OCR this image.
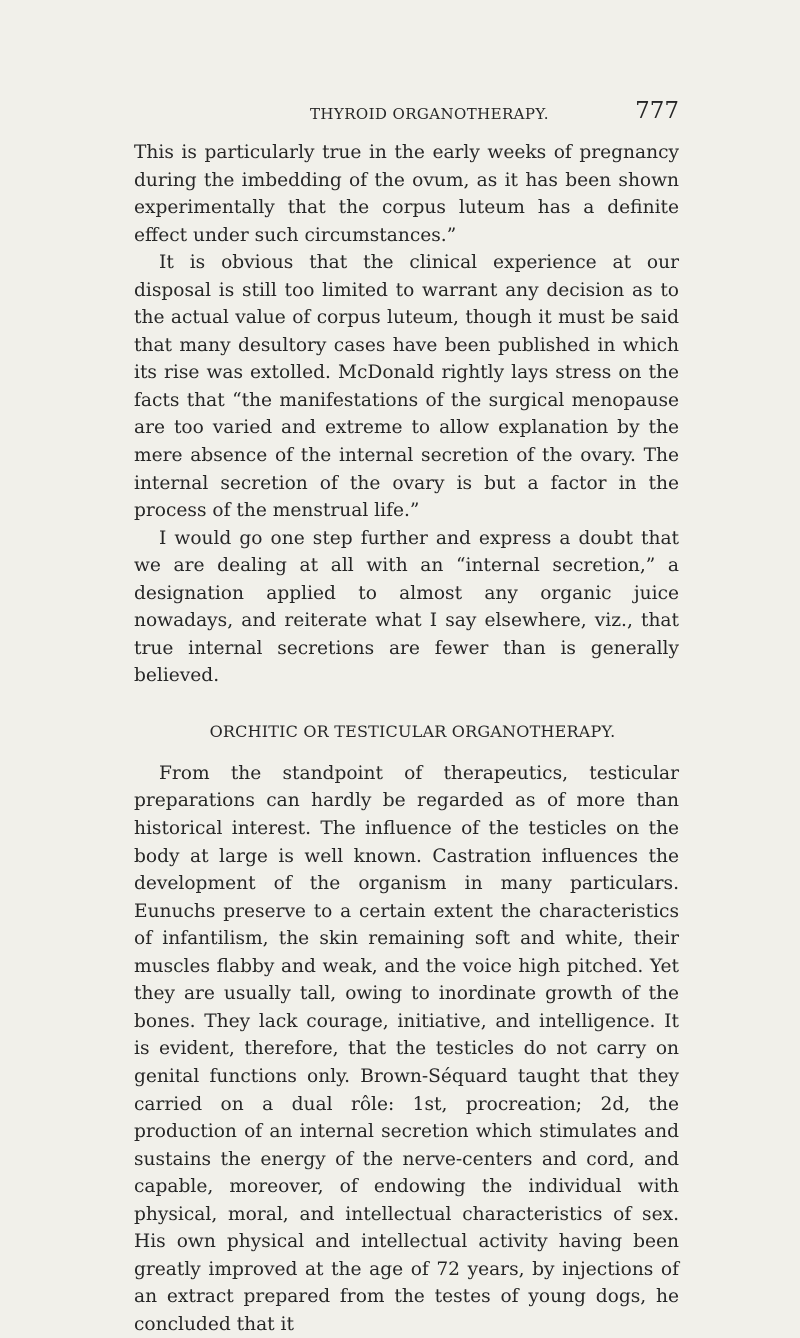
THYROID ORGANOTHERAPY.	777

This is particularly true in the early weeks of pregnancy during the imbedding of the ovum, as it has been shown experimentally that the corpus luteum has a definite effect under such circumstances.”

It is obvious that the clinical experience at our disposal is still too limited to warrant any decision as to the actual value of corpus luteum, though it must be said that many desultory cases have been published in which its rise was extolled. McDonald rightly lays stress on the facts that “the manifestations of the surgical menopause are too varied and extreme to allow explanation by the mere absence of the internal secretion of the ovary. The internal secretion of the ovary is but a factor in the process of the menstrual life.”

I would go one step further and express a doubt that we are dealing at all with an “internal secretion,” a designation applied to almost any organic juice nowadays, and reiterate what I say elsewhere, viz., that true internal secretions are fewer than is generally believed.

ORCHITIC OR TESTICULAR ORGANOTHERAPY.

From the standpoint of therapeutics, testicular preparations can hardly be regarded as of more than historical interest. The influence of the testicles on the body at large is well known. Castration influences the development of the organism in many particulars. Eunuchs preserve to a certain extent the characteristics of infantilism, the skin remaining soft and white, their muscles flabby and weak, and the voice high pitched. Yet they are usually tall, owing to inordinate growth of the bones. They lack courage, initiative, and intelligence. It is evident, therefore, that the testicles do not carry on genital functions only. Brown-Séquard taught that they carried on a dual rôle: 1st, procreation; 2d, the production of an internal secretion which stimulates and sustains the energy of the nerve-centers and cord, and capable, moreover, of endowing the individual with physical, moral, and intellectual characteristics of sex. His own physical and intellectual activity having been greatly improved at the age of 72 years, by injections of an extract prepared from the testes of young dogs, he concluded that it
